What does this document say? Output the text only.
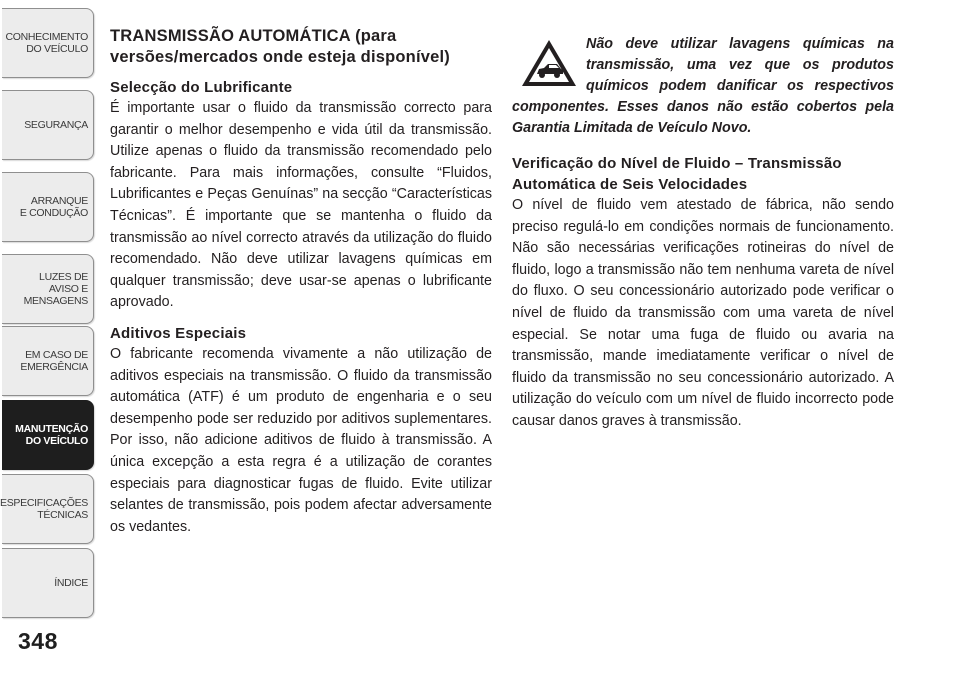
CONHECIMENTO
DO VEÍCULO
SEGURANÇA
ARRANQUE
E CONDUÇÃO
LUZES DE
AVISO E
MENSAGENS
EM CASO DE
EMERGÊNCIA
MANUTENÇÃO
DO VEÍCULO
ESPECIFICAÇÕES
TÉCNICAS
ÍNDICE
348
TRANSMISSÃO AUTOMÁTICA (para versões/mercados onde esteja disponível)
Selecção do Lubrificante

É importante usar o fluido da transmissão correcto para garantir o melhor desempenho e vida útil da transmissão. Utilize apenas o fluido da transmissão recomendado pelo fabricante. Para mais informações, consulte “Fluidos, Lubrificantes e Peças Genuínas” na secção “Características Técnicas”. É importante que se mantenha o fluido da transmissão ao nível correcto através da utilização do fluido recomendado. Não deve utilizar lavagens químicas em qualquer transmissão; deve usar-se apenas o lubrificante aprovado.

Aditivos Especiais

O fabricante recomenda vivamente a não utilização de aditivos especiais na transmissão. O fluido da transmissão automática (ATF) é um produto de engenharia e o seu desempenho pode ser reduzido por aditivos suplementares. Por isso, não adicione aditivos de fluido à transmissão. A única excepção a esta regra é a utilização de corantes especiais para diagnosticar fugas de fluido. Evite utilizar selantes de transmissão, pois podem afectar adversamente os vedantes.

Não deve utilizar lavagens químicas na transmissão, uma vez que os produtos químicos podem danificar os respectivos componentes. Esses danos não estão cobertos pela Garantia Limitada de Veículo Novo.

Verificação do Nível de Fluido – Transmissão Automática de Seis Velocidades

O nível de fluido vem atestado de fábrica, não sendo preciso regulá-lo em condições normais de funcionamento. Não são necessárias verificações rotineiras do nível de fluido, logo a transmissão não tem nenhuma vareta de nível do fluxo. O seu concessionário autorizado pode verificar o nível de fluido da transmissão com uma vareta de nível especial. Se notar uma fuga de fluido ou avaria na transmissão, mande imediatamente verificar o nível de fluido da transmissão no seu concessionário autorizado. A utilização do veículo com um nível de fluido incorrecto pode causar danos graves à transmissão.
